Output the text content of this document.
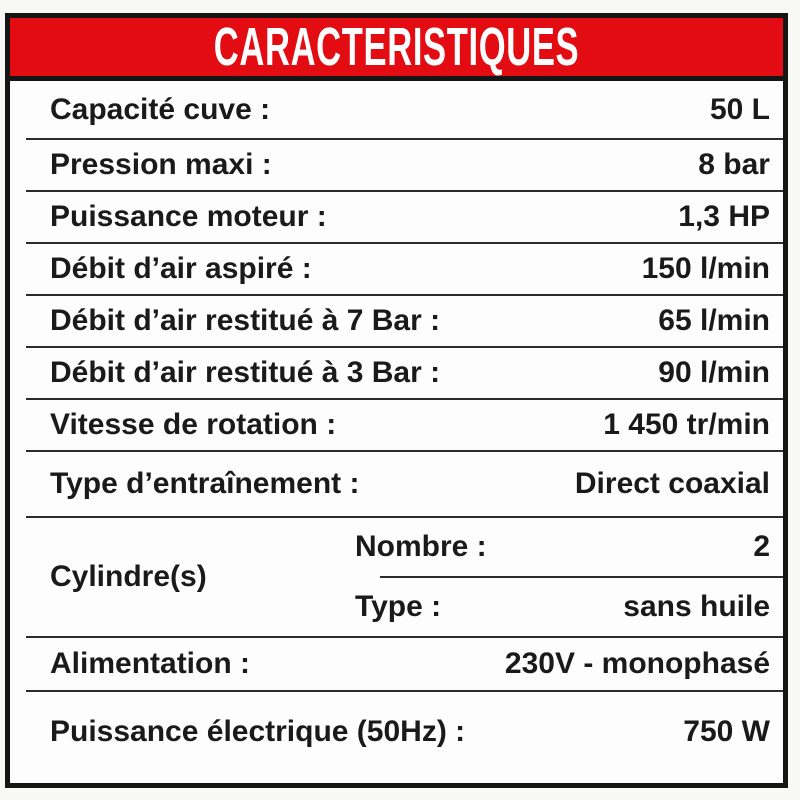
CARACTERISTIQUES
Capacité cuve :	50 L
Pression maxi :	8 bar
Puissance moteur :	1,3 HP
Débit d’air aspiré :	150 l/min
Débit d’air restitué à 7 Bar :	65 l/min
Débit d’air restitué à 3 Bar :	90 l/min
Vitesse de rotation :	1 450 tr/min
Type d’entraînement :	Direct coaxial
Cylindre(s)
Nombre :	2
Type :	sans huile
Alimentation :	230V - monophasé
Puissance électrique (50Hz) :	750 W
